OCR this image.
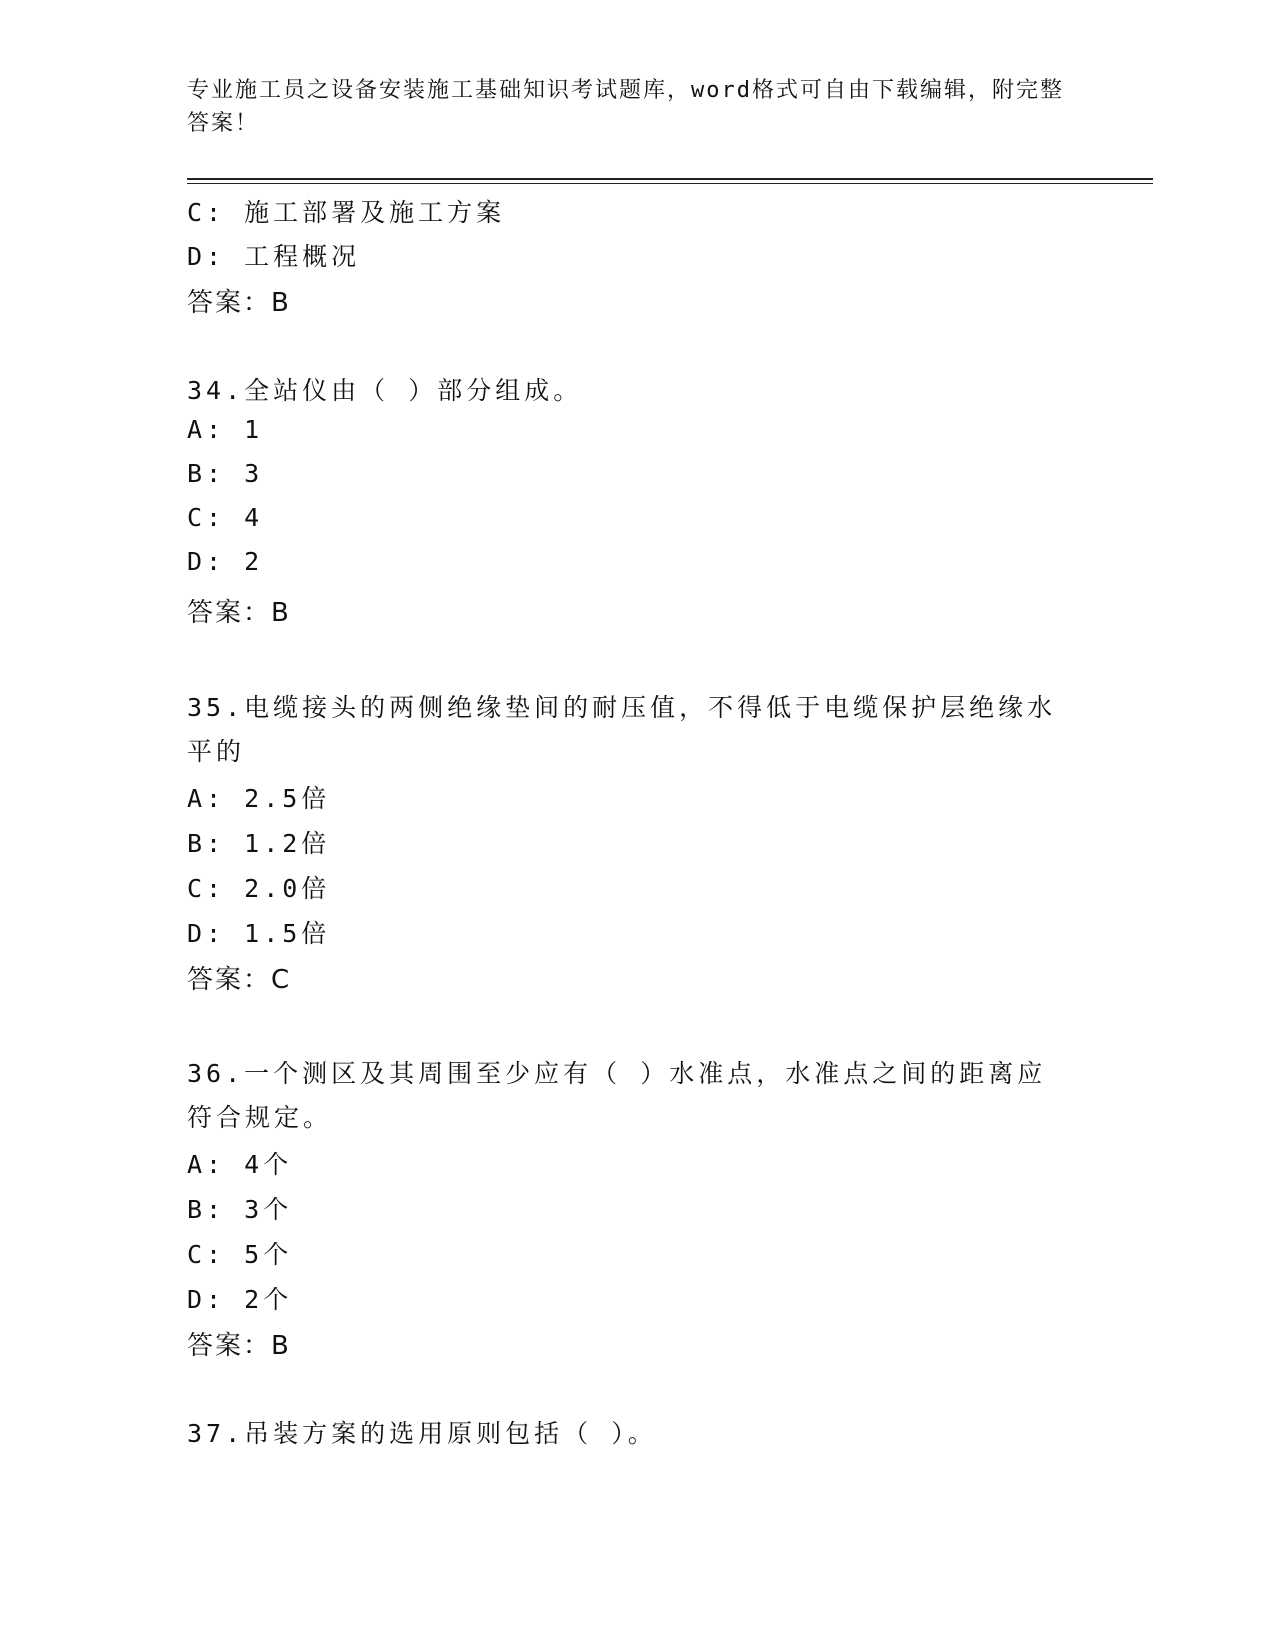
专业施工员之设备安装施工基础知识考试题库，word格式可自由下载编辑，附完整答案！
C: 施工部署及施工方案
D: 工程概况
答案：B
34.全站仪由（ ）部分组成。
A: 1
B: 3
C: 4
D: 2
答案：B
35.电缆接头的两侧绝缘垫间的耐压值，不得低于电缆保护层绝缘水平的
A: 2.5倍
B: 1.2倍
C: 2.0倍
D: 1.5倍
答案：C
36.一个测区及其周围至少应有（ ）水准点，水准点之间的距离应符合规定。
A: 4个
B: 3个
C: 5个
D: 2个
答案：B
37.吊装方案的选用原则包括（ ）。
